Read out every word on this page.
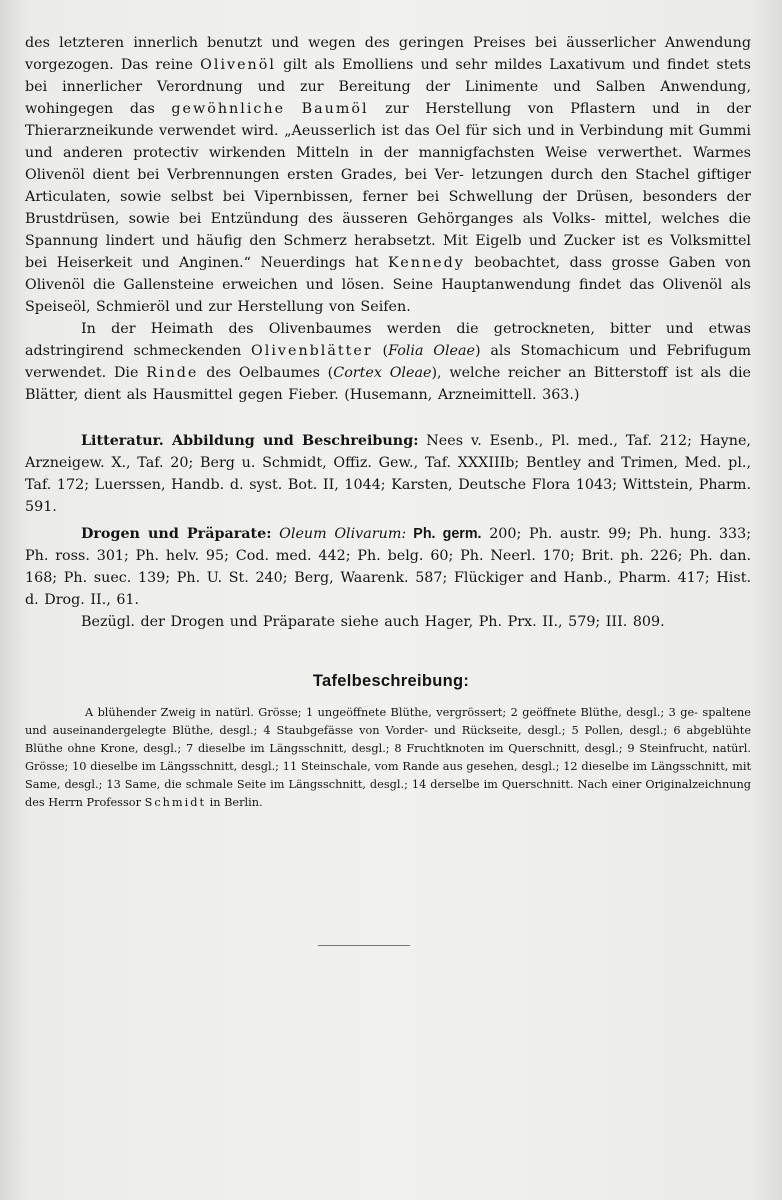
des letzteren innerlich benutzt und wegen des geringen Preises bei äusserlicher Anwendung vorgezogen. Das reine Olivenöl gilt als Emolliens und sehr mildes Laxativum und findet stets bei innerlicher Verordnung und zur Bereitung der Linimente und Salben Anwendung, wohingegen das gewöhnliche Baumöl zur Herstellung von Pflastern und in der Thierarzneikunde verwendet wird. „Aeusserlich ist das Oel für sich und in Verbindung mit Gummi und anderen protectiv wirkenden Mitteln in der mannigfachsten Weise verwerthet. Warmes Olivenöl dient bei Verbrennungen ersten Grades, bei Ver- letzungen durch den Stachel giftiger Articulaten, sowie selbst bei Vipernbissen, ferner bei Schwellung der Drüsen, besonders der Brustdrüsen, sowie bei Entzündung des äusseren Gehörganges als Volks- mittel, welches die Spannung lindert und häufig den Schmerz herabsetzt. Mit Eigelb und Zucker ist es Volksmittel bei Heiserkeit und Anginen.“ Neuerdings hat Kennedy beobachtet, dass grosse Gaben von Olivenöl die Gallensteine erweichen und lösen. Seine Hauptanwendung findet das Olivenöl als Speiseöl, Schmieröl und zur Herstellung von Seifen.

In der Heimath des Olivenbaumes werden die getrockneten, bitter und etwas adstringirend schmeckenden Olivenblätter (Folia Oleae) als Stomachicum und Febrifugum verwendet. Die Rinde des Oelbaumes (Cortex Oleae), welche reicher an Bitterstoff ist als die Blätter, dient als Hausmittel gegen Fieber. (Husemann, Arzneimittell. 363.)

Litteratur. Abbildung und Beschreibung: Nees v. Esenb., Pl. med., Taf. 212; Hayne, Arzneigew. X., Taf. 20; Berg u. Schmidt, Offiz. Gew., Taf. XXXIIIb; Bentley and Trimen, Med. pl., Taf. 172; Luerssen, Handb. d. syst. Bot. II, 1044; Karsten, Deutsche Flora 1043; Wittstein, Pharm. 591.

Drogen und Präparate: Oleum Olivarum: Ph. germ. 200; Ph. austr. 99; Ph. hung. 333; Ph. ross. 301; Ph. helv. 95; Cod. med. 442; Ph. belg. 60; Ph. Neerl. 170; Brit. ph. 226; Ph. dan. 168; Ph. suec. 139; Ph. U. St. 240; Berg, Waarenk. 587; Flückiger and Hanb., Pharm. 417; Hist. d. Drog. II., 61.

Bezügl. der Drogen und Präparate siehe auch Hager, Ph. Prx. II., 579; III. 809.

Tafelbeschreibung:

A blühender Zweig in natürl. Grösse; 1 ungeöffnete Blüthe, vergrössert; 2 geöffnete Blüthe, desgl.; 3 ge- spaltene und auseinandergelegte Blüthe, desgl.; 4 Staubgefässe von Vorder- und Rückseite, desgl.; 5 Pollen, desgl.; 6 abgeblühte Blüthe ohne Krone, desgl.; 7 dieselbe im Längsschnitt, desgl.; 8 Fruchtknoten im Querschnitt, desgl.; 9 Steinfrucht, natürl. Grösse; 10 dieselbe im Längsschnitt, desgl.; 11 Steinschale, vom Rande aus gesehen, desgl.; 12 dieselbe im Längsschnitt, mit Same, desgl.; 13 Same, die schmale Seite im Längsschnitt, desgl.; 14 derselbe im Querschnitt. Nach einer Originalzeichnung des Herrn Professor Schmidt in Berlin.
